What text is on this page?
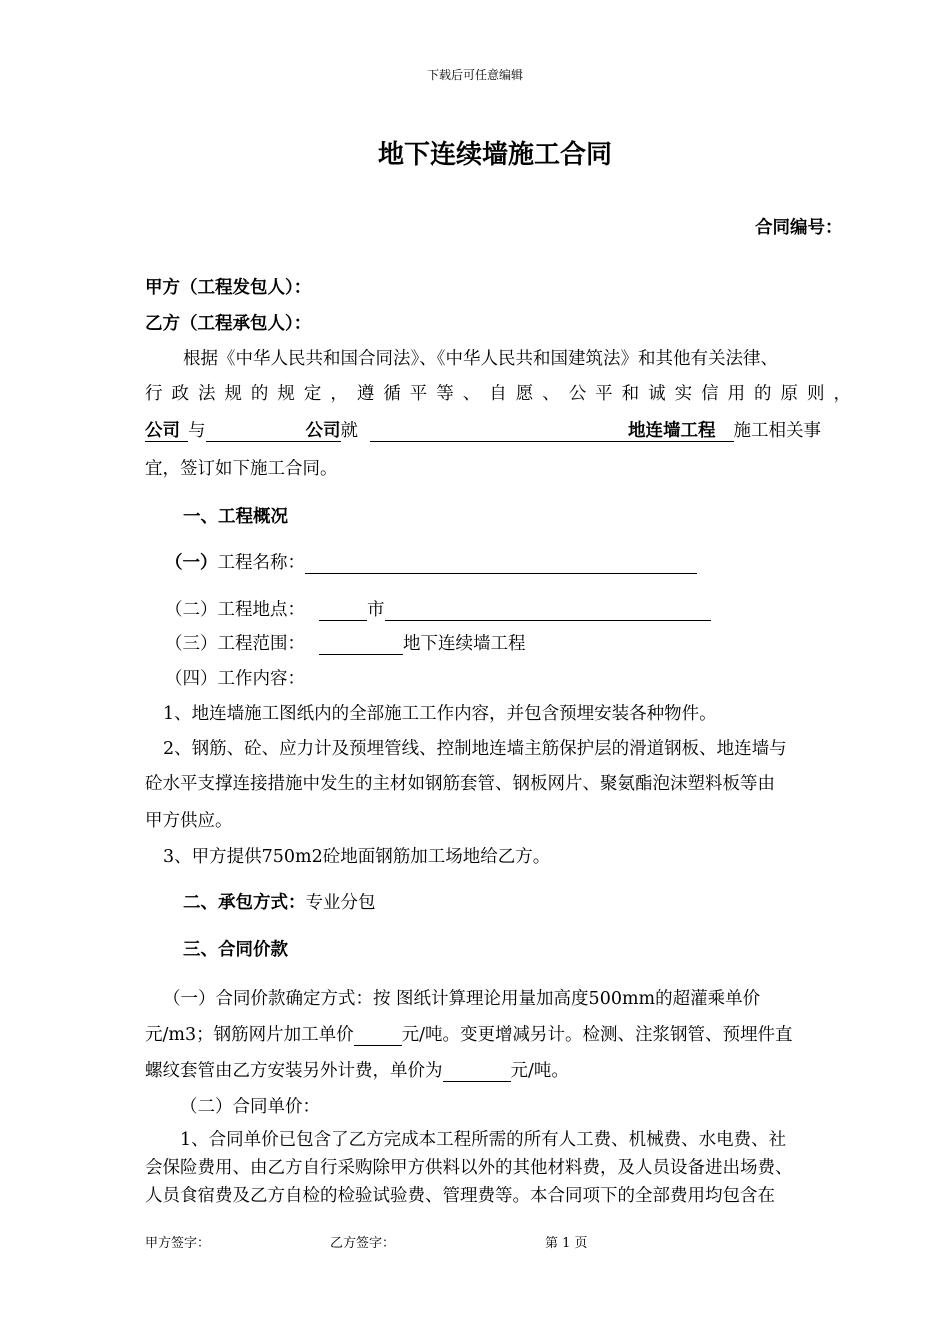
下载后可任意编辑
地下连续墙施工合同
合同编号：
甲方（工程发包人）：
乙方（工程承包人）：
根据《中华人民共和国合同法》、《中华人民共和国建筑法》和其他有关法律、
行政法规的规定，遵循平等、自愿、公平和诚实信用的原则，
公司 与	公司就	地连墙工程 施工相关事
宜，签订如下施工合同。
一、工程概况
（一）工程名称：
（二）工程地点：	市
（三）工程范围：	地下连续墙工程
（四）工作内容：
1、地连墙施工图纸内的全部施工工作内容，并包含预埋安装各种物件。
2、钢筋、砼、应力计及预埋管线、控制地连墙主筋保护层的滑道钢板、地连墙与
砼水平支撑连接措施中发生的主材如钢筋套管、钢板网片、聚氨酯泡沫塑料板等由
甲方供应。
3、甲方提供750m2砼地面钢筋加工场地给乙方。
二、承包方式：专业分包
三、合同价款
（一）合同价款确定方式：按 图纸计算理论用量加高度500mm的超灌乘单价
元/m3；钢筋网片加工单价	元/吨。变更增减另计。检测、注浆钢管、预埋件直
螺纹套管由乙方安装另外计费，单价为	元/吨。
（二）合同单价：
1、合同单价已包含了乙方完成本工程所需的所有人工费、机械费、水电费、社
会保险费用、由乙方自行采购除甲方供料以外的其他材料费，及人员设备进出场费、
人员食宿费及乙方自检的检验试验费、管理费等。本合同项下的全部费用均包含在
甲方签字：	乙方签字：	第 1 页
